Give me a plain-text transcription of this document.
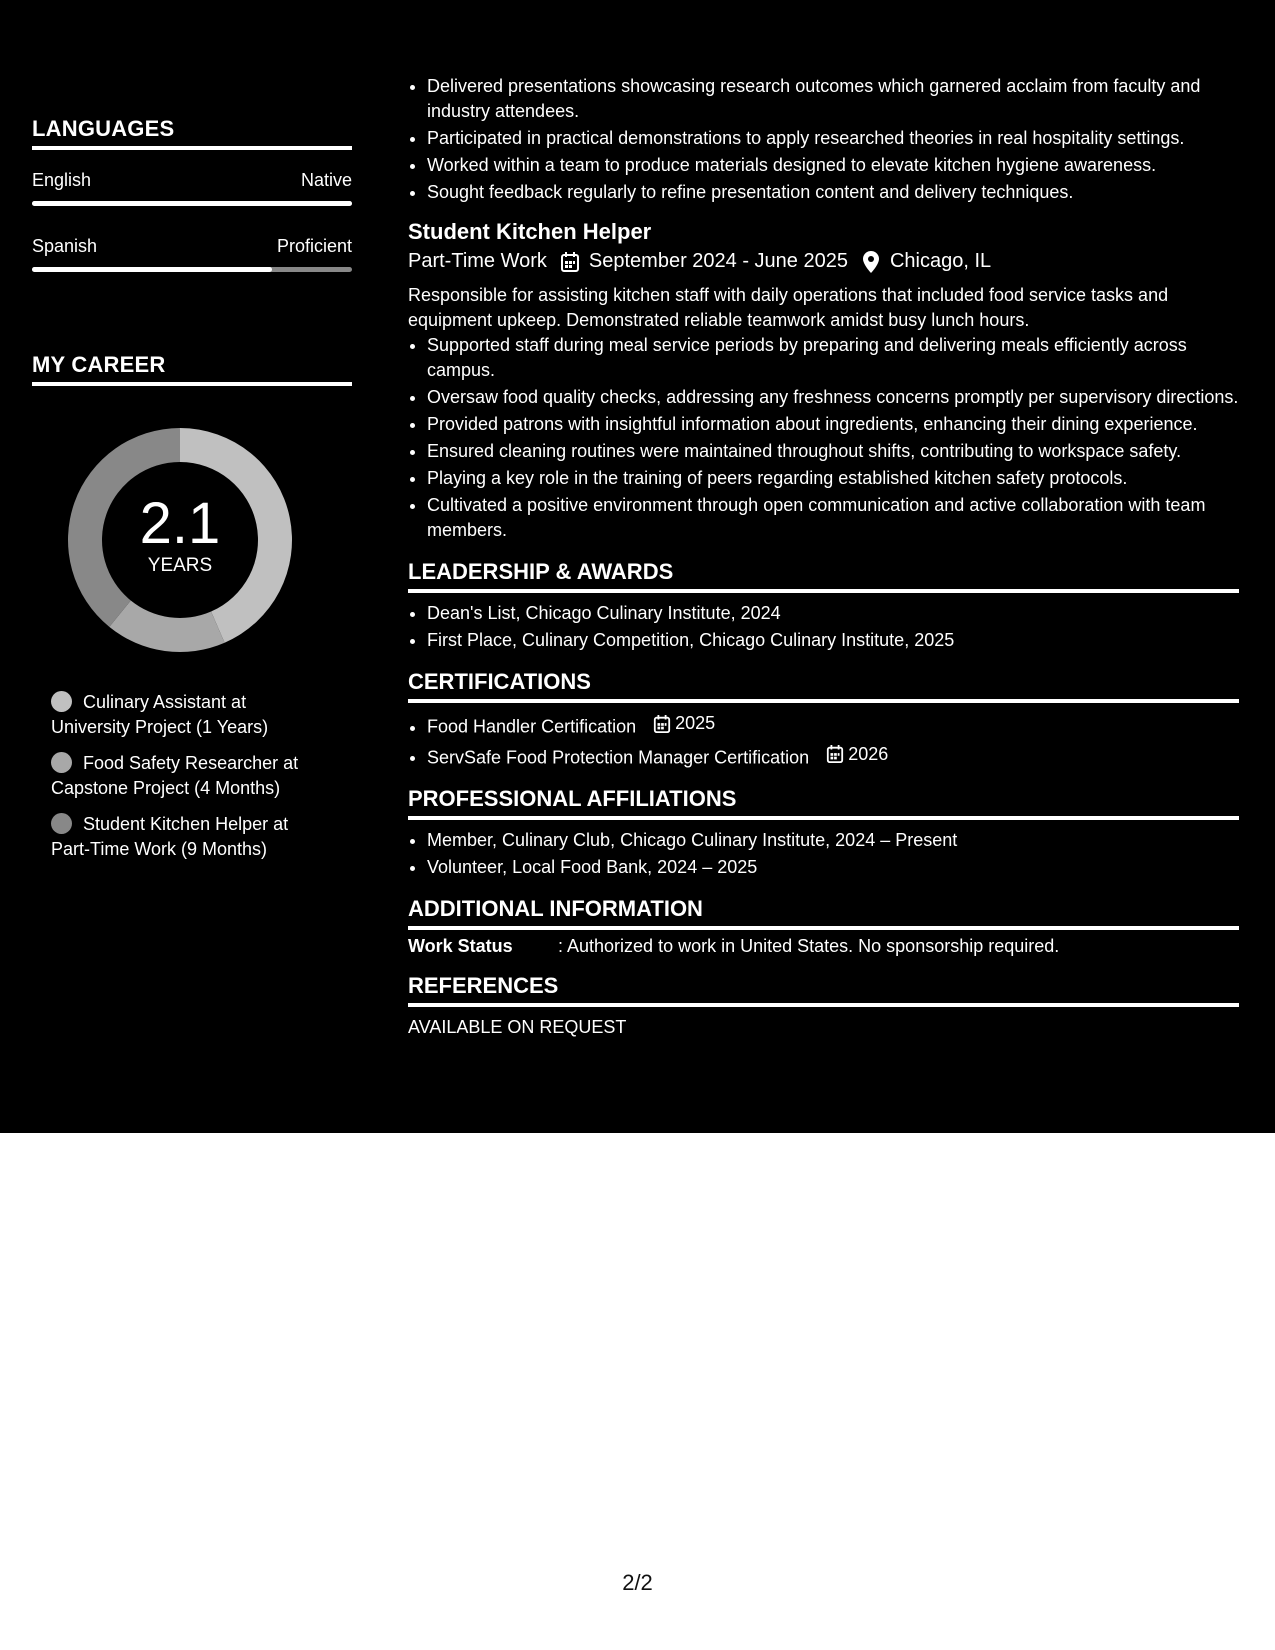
LANGUAGES
English	Native
Spanish	Proficient
MY CAREER
2.1
YEARS
Culinary Assistant at University Project (1 Years)
Food Safety Researcher at Capstone Project (4 Months)
Student Kitchen Helper at Part-Time Work (9 Months)
• Delivered presentations showcasing research outcomes which garnered acclaim from faculty and industry attendees.
• Participated in practical demonstrations to apply researched theories in real hospitality settings.
• Worked within a team to produce materials designed to elevate kitchen hygiene awareness.
• Sought feedback regularly to refine presentation content and delivery techniques.
Student Kitchen Helper
Part-Time Work September 2024 - June 2025 Chicago, IL
Responsible for assisting kitchen staff with daily operations that included food service tasks and equipment upkeep. Demonstrated reliable teamwork amidst busy lunch hours.
• Supported staff during meal service periods by preparing and delivering meals efficiently across campus.
• Oversaw food quality checks, addressing any freshness concerns promptly per supervisory directions.
• Provided patrons with insightful information about ingredients, enhancing their dining experience.
• Ensured cleaning routines were maintained throughout shifts, contributing to workspace safety.
• Playing a key role in the training of peers regarding established kitchen safety protocols.
• Cultivated a positive environment through open communication and active collaboration with team members.
LEADERSHIP & AWARDS
• Dean's List, Chicago Culinary Institute, 2024
• First Place, Culinary Competition, Chicago Culinary Institute, 2025
CERTIFICATIONS
• Food Handler Certification 2025
• ServSafe Food Protection Manager Certification 2026
PROFESSIONAL AFFILIATIONS
• Member, Culinary Club, Chicago Culinary Institute, 2024 – Present
• Volunteer, Local Food Bank, 2024 – 2025
ADDITIONAL INFORMATION
Work Status	: Authorized to work in United States. No sponsorship required.
REFERENCES
AVAILABLE ON REQUEST
2/2
